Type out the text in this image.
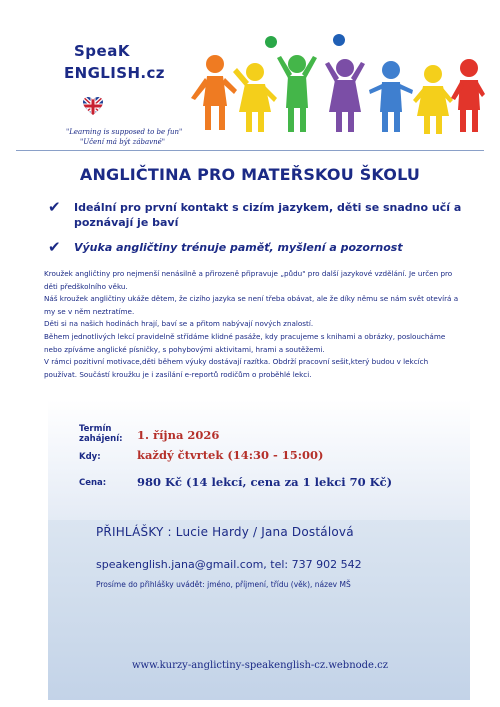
SpeaK
ENGLISH.cz
"Learning is supposed to be fun"
"Učení má být zábavné"
ANGLIČTINA PRO MATEŘSKOU ŠKOLU
✔ Ideální pro první kontakt s cizím jazykem, děti se snadno učí a poznávají je baví
✔ Výuka angličtiny trénuje paměť, myšlení a pozornost

Kroužek angličtiny pro nejmenší nenásilně a přirozeně připravuje „půdu" pro další jazykové vzdělání. Je určen pro děti předškolního věku.

Náš kroužek angličtiny ukáže dětem, že cizího jazyka se není třeba obávat, ale že díky němu se nám svět otevírá a my se v něm neztratíme.

Děti si na našich hodinách hrají, baví se a přitom nabývají nových znalostí.

Během jednotlivých lekcí pravidelně střídáme klidné pasáže, kdy pracujeme s knihami a obrázky, posloucháme nebo zpíváme anglické písničky, s pohybovými aktivitami, hrami a soutěžemi.

V rámci pozitivní motivace,děti během výuky dostávají razítka. Obdrží pracovní sešit,který budou v lekcích používat. Součástí kroužku je i zasílání e-reportů rodičům o proběhlé lekci.

Termín
zahájení: 1. října 2026
Kdy:	každý čtvrtek (14:30 - 15:00)
Cena:	980 Kč (14 lekcí, cena za 1 lekci 70 Kč)
PŘIHLÁŠKY : Lucie Hardy / Jana Dostálová
speakenglish.jana@gmail.com, tel: 737 902 542
Prosíme do přihlášky uvádět: jméno, příjmení, třídu (věk), název MŠ
www.kurzy-anglictiny-speakenglish-cz.webnode.cz
